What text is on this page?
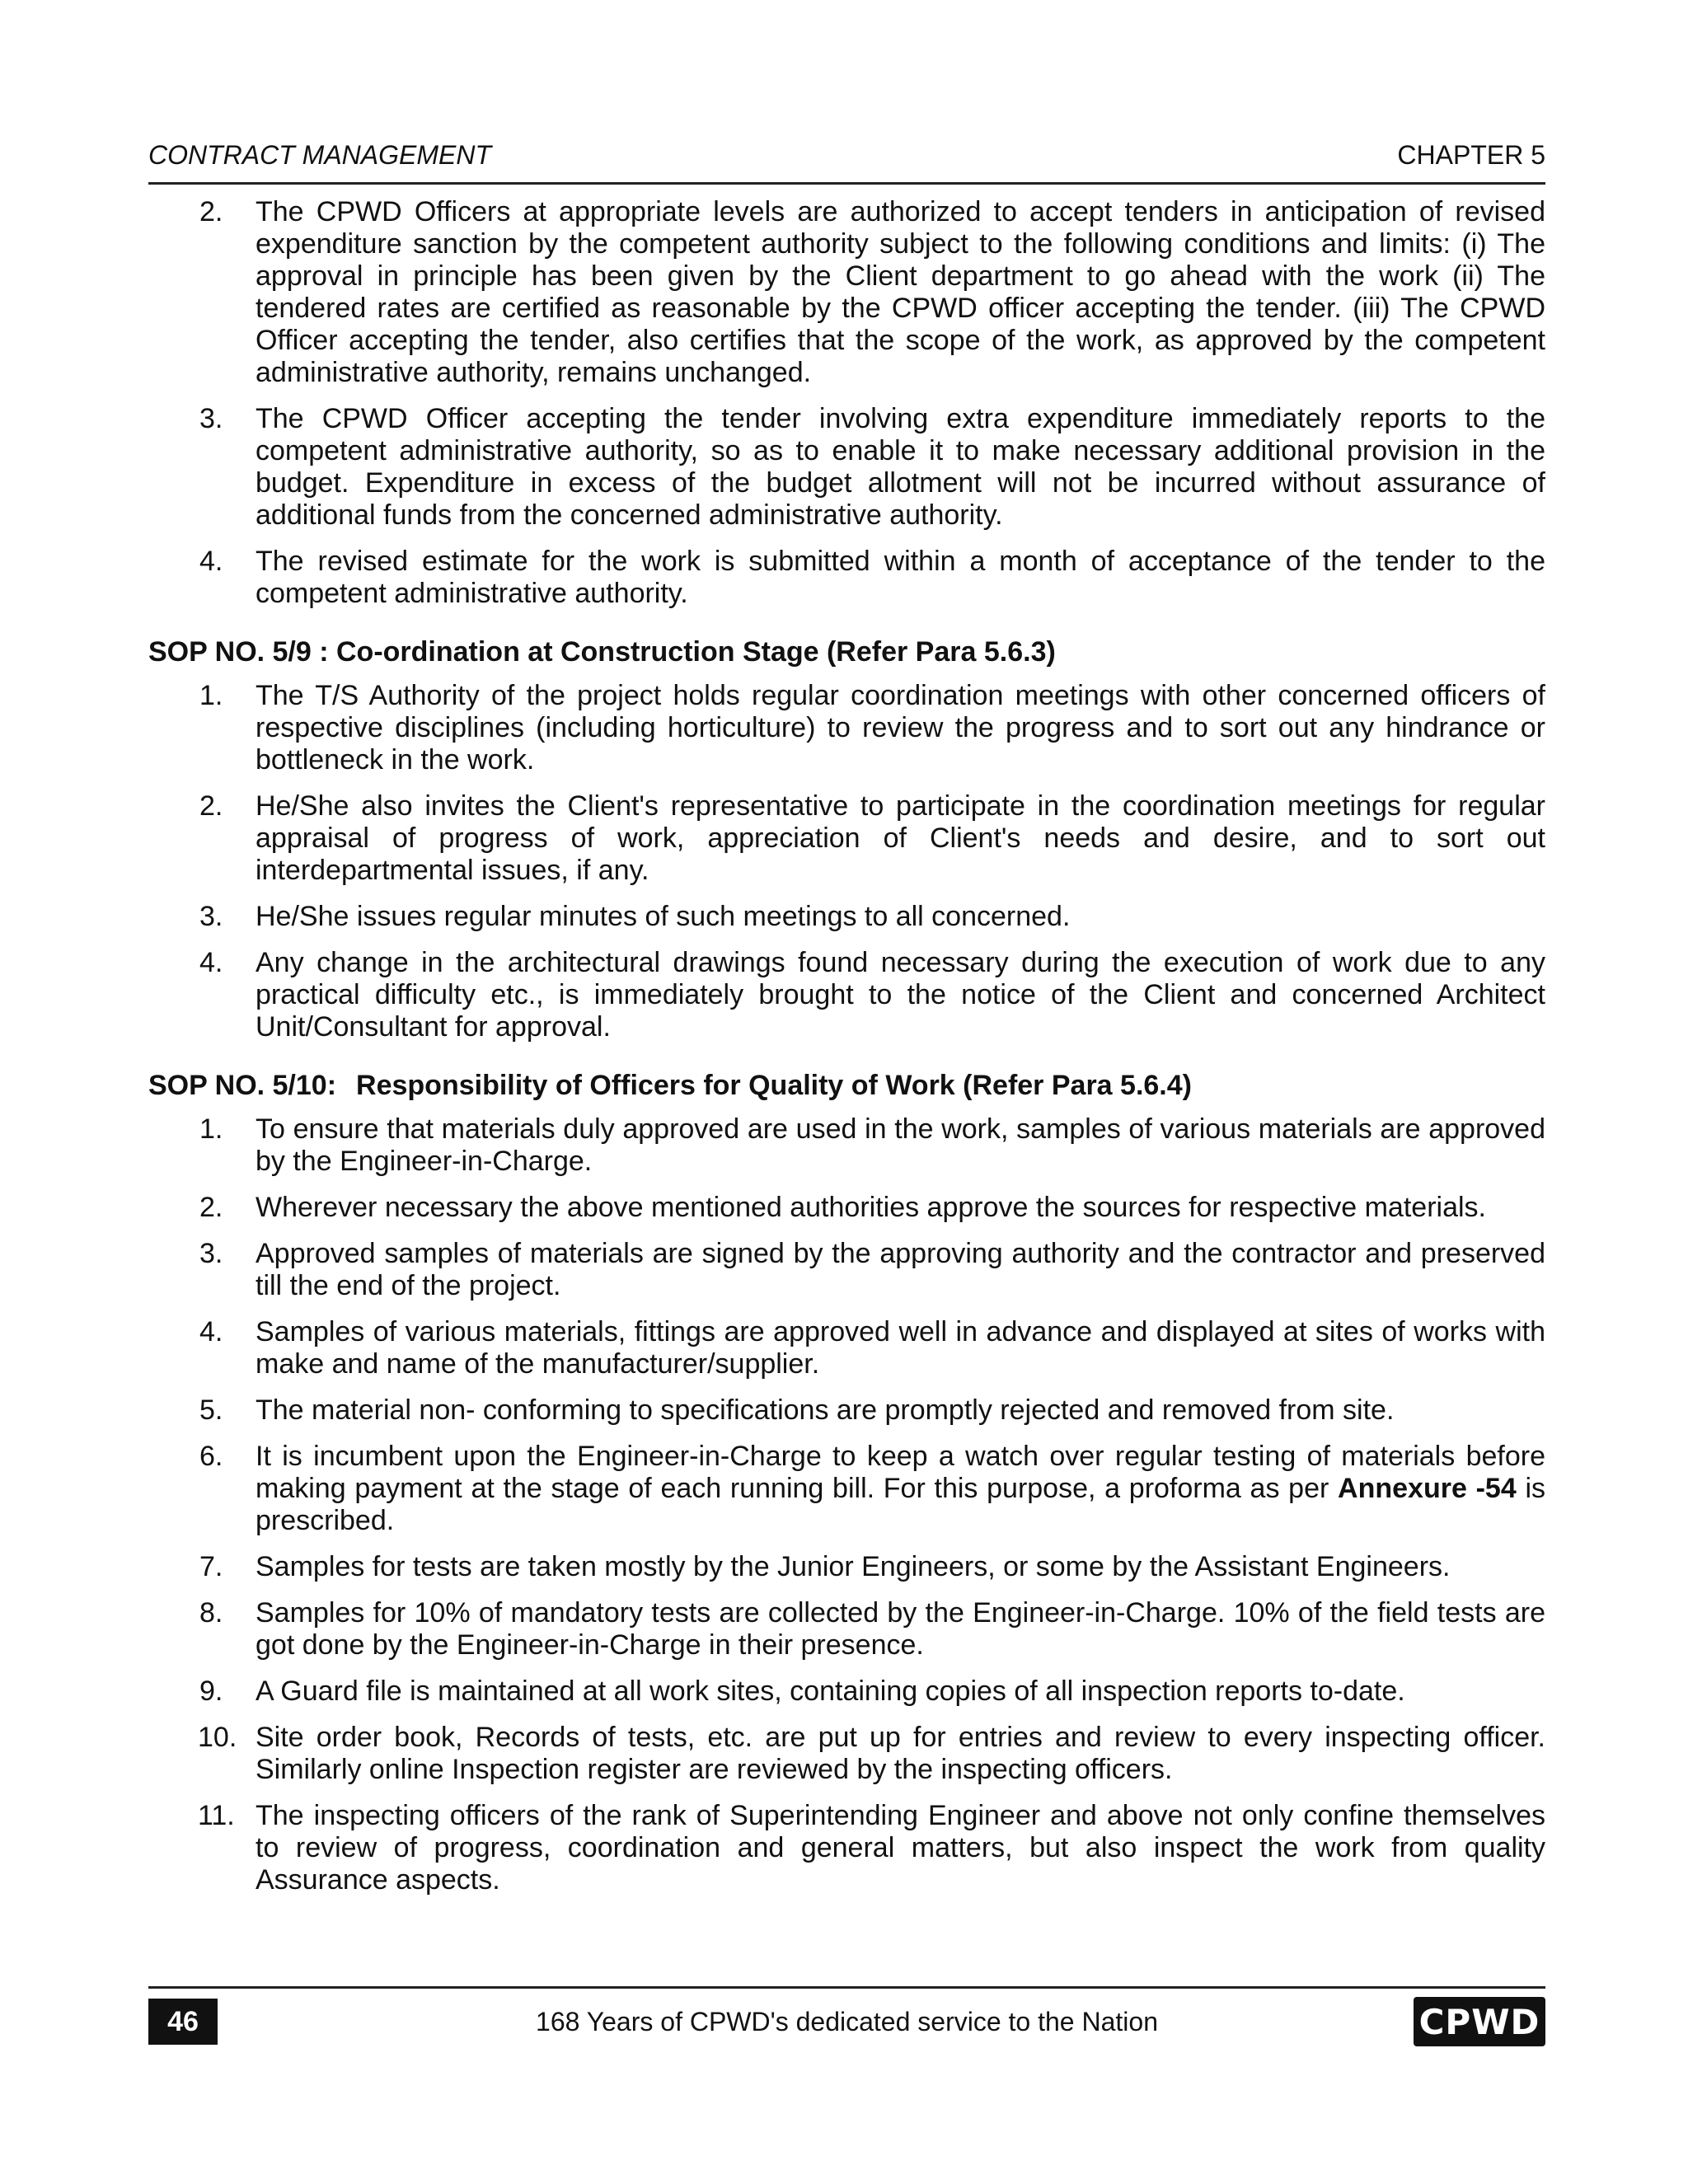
CONTRACT MANAGEMENT	CHAPTER 5
2.	The CPWD Officers at appropriate levels are authorized to accept tenders in anticipation of revised expenditure sanction by the competent authority subject to the following conditions and limits: (i) The approval in principle has been given by the Client department to go ahead with the work (ii) The tendered rates are certified as reasonable by the CPWD officer accepting the tender. (iii) The CPWD Officer accepting the tender, also certifies that the scope of the work, as approved by the competent administrative authority, remains unchanged.
3.	The CPWD Officer accepting the tender involving extra expenditure immediately reports to the competent administrative authority, so as to enable it to make necessary additional provision in the budget. Expenditure in excess of the budget allotment will not be incurred without assurance of additional funds from the concerned administrative authority.
4.	The revised estimate for the work is submitted within a month of acceptance of the tender to the competent administrative authority.
SOP NO. 5/9 : Co-ordination at Construction Stage (Refer Para 5.6.3)
1.	The T/S Authority of the project holds regular coordination meetings with other concerned officers of respective disciplines (including horticulture) to review the progress and to sort out any hindrance or bottleneck in the work.
2.	He/She also invites the Client's representative to participate in the coordination meetings for regular appraisal of progress of work, appreciation of Client's needs and desire, and to sort out interdepartmental issues, if any.
3.	He/She issues regular minutes of such meetings to all concerned.
4.	Any change in the architectural drawings found necessary during the execution of work due to any practical difficulty etc., is immediately brought to the notice of the Client and concerned Architect Unit/Consultant for approval.
SOP NO. 5/10: Responsibility of Officers for Quality of Work (Refer Para 5.6.4)
1.	To ensure that materials duly approved are used in the work, samples of various materials are approved by the Engineer-in-Charge.
2.	Wherever necessary the above mentioned authorities approve the sources for respective materials.
3.	Approved samples of materials are signed by the approving authority and the contractor and preserved till the end of the project.
4.	Samples of various materials, fittings are approved well in advance and displayed at sites of works with make and name of the manufacturer/supplier.
5.	The material non- conforming to specifications are promptly rejected and removed from site.
6.	It is incumbent upon the Engineer-in-Charge to keep a watch over regular testing of materials before making payment at the stage of each running bill. For this purpose, a proforma as per Annexure -54 is prescribed.
7.	Samples for tests are taken mostly by the Junior Engineers, or some by the Assistant Engineers.
8.	Samples for 10% of mandatory tests are collected by the Engineer-in-Charge. 10% of the field tests are got done by the Engineer-in-Charge in their presence.
9.	A Guard file is maintained at all work sites, containing copies of all inspection reports to-date.
10. Site order book, Records of tests, etc. are put up for entries and review to every inspecting officer. Similarly online Inspection register are reviewed by the inspecting officers.
11. The inspecting officers of the rank of Superintending Engineer and above not only confine themselves to review of progress, coordination and general matters, but also inspect the work from quality Assurance aspects.
46	168 Years of CPWD's dedicated service to the Nation	CPWD
